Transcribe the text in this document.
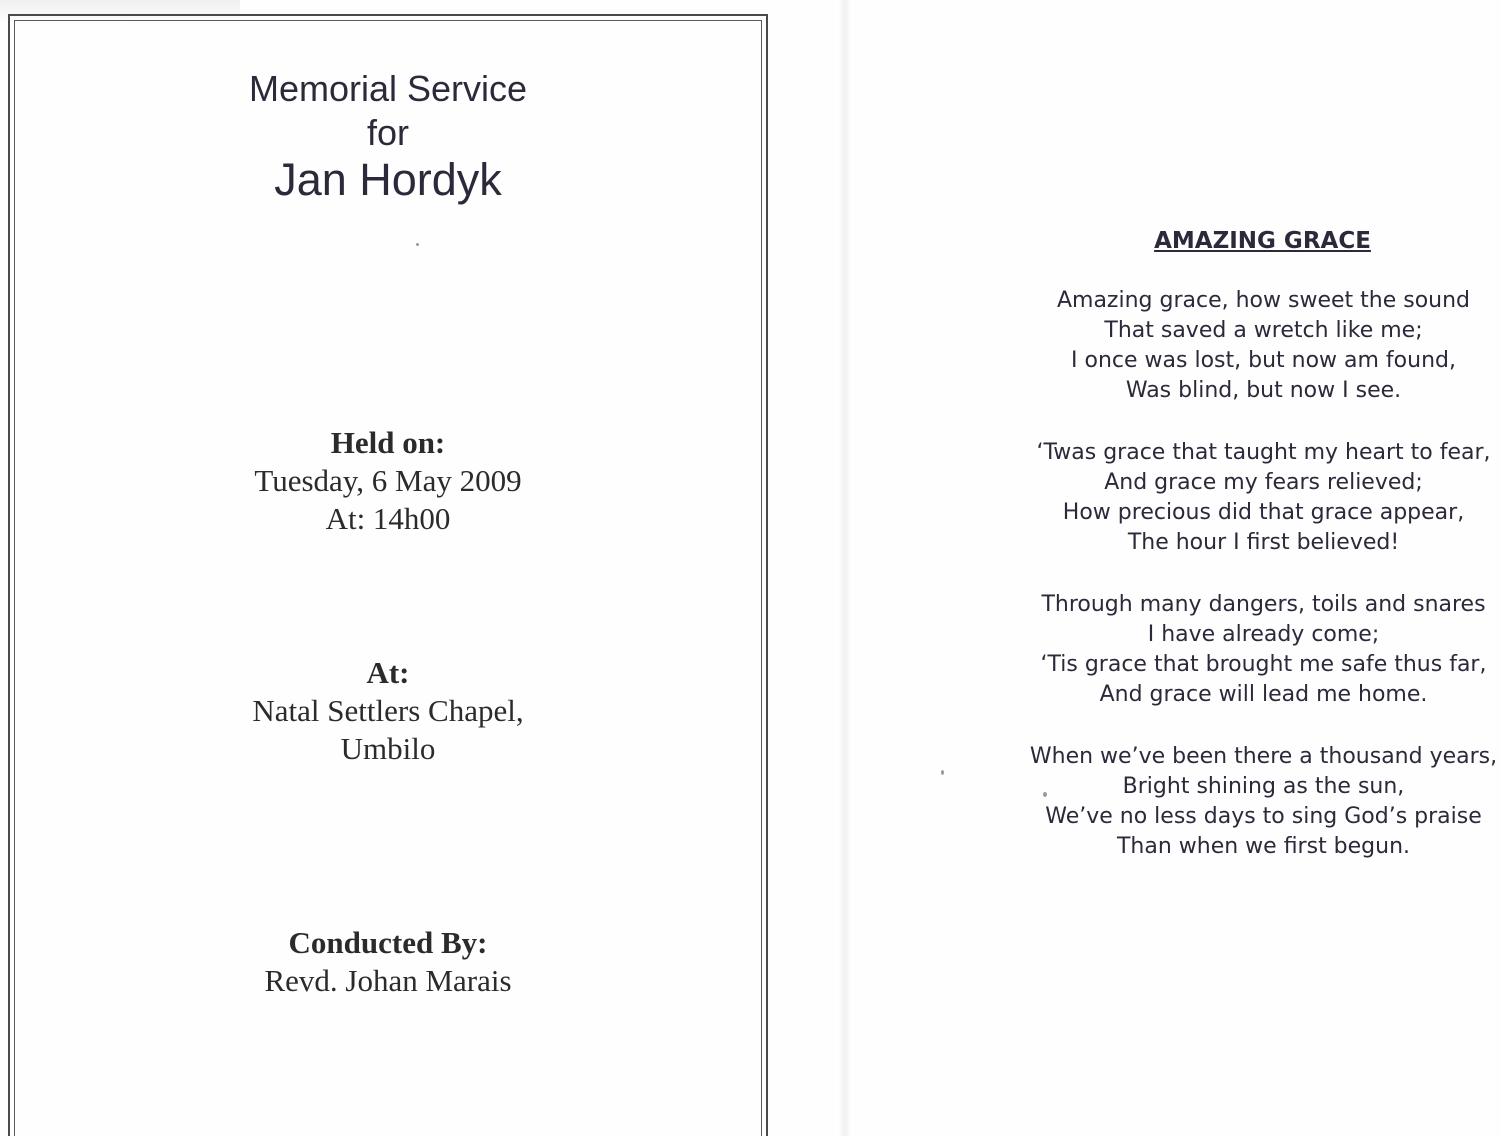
Memorial Service
for
Jan Hordyk
Held on:
Tuesday, 6 May 2009
At: 14h00
At:
Natal Settlers Chapel,
Umbilo
Conducted By:
Revd. Johan Marais
AMAZING GRACE
Amazing grace, how sweet the sound
That saved a wretch like me;
I once was lost, but now am found,
Was blind, but now I see.
‘Twas grace that taught my heart to fear,
And grace my fears relieved;
How precious did that grace appear,
The hour I first believed!
Through many dangers, toils and snares
I have already come;
‘Tis grace that brought me safe thus far,
And grace will lead me home.
When we’ve been there a thousand years,
Bright shining as the sun,
We’ve no less days to sing God’s praise
Than when we first begun.
